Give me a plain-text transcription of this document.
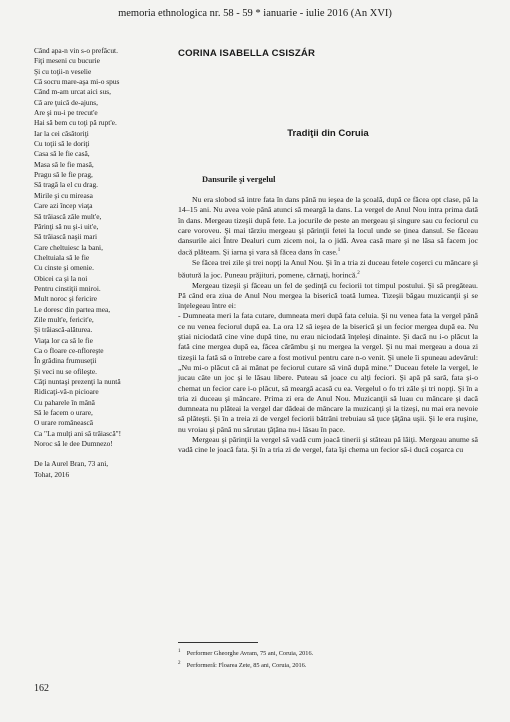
memoria ethnologica nr. 58 - 59 * ianuarie - iulie 2016 (An XVI)
Când apa-n vin s-o prefăcut.
Fiţi meseni cu bucurie
Şi cu toţii-n veselie
Că socru mare-aşa mi-o spus
Când m-am urcat aici sus,
Că are ţuică de-ajuns,
Are şi nu-i pe trecut'e
Hai să bem cu toţi pă rupt'e.
Iar la cei căsătoriţi
Cu toţii să le doriţi
Casa să le fie casă,
Masa să le fie masă,
Pragu să le fie prag,
Să tragă la el cu drag.
Mirile şi cu mireasa
Care azi încep viaţa
Să trăiască zâle mult'e,
Părinţi să nu şi-i uit'e,
Să trăiască naşii mari
Care cheltuiesc la bani,
Cheltuiala să le fie
Cu cinste şi omenie.
Obicei ca şi la noi
Pentru cinstiţii mniroi.
Mult noroc şi fericire
Le doresc din partea mea,
Zile mult'e, fericit'e,
Şi trăiască-alăturea.
Viaţa lor ca să le fie
Ca o floare ce-nfloreşte
În grădina frumuseţii
Şi veci nu se ofileşte.
Câţi nuntaşi prezenţi la nuntă
Ridicaţi-vă-n picioare
Cu paharele în mână
Să le facem o urare,
O urare românească
Ca "La mulţi ani să trăiască"!
Noroc să le dee Dumnezo!
De la Aurel Bran, 73 ani,
Tohat, 2016
CORINA ISABELLA CSISZÁR
Tradiţii din Coruia
Dansurile şi vergelul

Nu era slobod să intre fata în dans până nu ieşea de la şcoală, după ce făcea opt clase, pă la 14–15 ani. Nu avea voie până atunci să meargă la dans. La vergel de Anul Nou intra prima dată în dans. Mergeau tizeşii după fete. La jocurile de peste an mergeau şi singure sau cu feciorul cu care voroveu. Şi mai târziu mergeau şi părinţii fetei la locul unde se ţinea dansul. Se făceau dansurile aici Între Dealuri cum zicem noi, la o jidă. Avea casă mare şi ne lăsa să facem joc dacă plăteam. Şi iarna şi vara să făcea dans în case.$^1$

Se făcea trei zile şi trei nopţi la Anul Nou. Şi în a tria zi duceau fetele coşerci cu mâncare şi băutură la joc. Puneau prăjituri, pomene, cărnaţi, horincă.$^2$

Mergeau tizeşii şi făceau un fel de şedinţă cu feciorii tot timpul postului. Şi să pregăteau. Pă când era ziua de Anul Nou mergea la biserică toată lumea. Tizeşii băgau muzicanţii şi se înţelegeau între ei:

- Dumneata meri la fata cutare, dumneata meri după fata celuia. Şi nu venea fata la vergel până ce nu venea feciorul după ea. La ora 12 să ieşea de la biserică şi un fecior mergea după ea. Nu ştiai niciodată cine vine după tine, nu erau niciodată înţeleşi dinainte. Şi dacă nu i-o plăcut la fată cine mergea după ea, făcea cărămbu şi nu mergea la vergel. Şi nu mai mergeau a doua zi tizeşii la fată să o întrebe care a fost motivul pentru care n-o venit. Şi unele îi spuneau adevărul: „Nu mi-o plăcut că ai mânat pe feciorul cutare să vină după mine.” Duceau fetele la vergel, le jucau câte un joc şi le lăsau libere. Puteau să joace cu alţi feciori. Şi apă pă sară, fata şi-o chemat un fecior care i-o plăcut, să meargă acasă cu ea. Vergelul o fo tri zâle şi tri nopţi. Şi în a tria zi duceau şi mâncare. Prima zi era de Anul Nou. Muzicanţii să luau cu mâncare şi dacă dumneata nu plăteai la vergel dar dădeai de mâncare la muzicanţi şi la tizeşi, nu mai era nevoie să plăteşti. Şi în a treia zi de vergel feciorii bătrâni trebuiau să ţuce ţâţâna uşii. Şi le era ruşine, nu vroiau şi până nu sărutau ţâţâna nu-i lăsau în pace.

Mergeau şi părinţii la vergel să vadă cum joacă tinerii şi stăteau pă lăiţi. Mergeau anume să vadă cine le joacă fata. Şi în a tria zi de vergel, fata îşi chema un fecior să-i ducă coşarca cu

$^1$ Performer Gheorghe Avram, 75 ani, Coruia, 2016.
$^2$ Performeră: Floarea Zete, 85 ani, Coruia, 2016.
162
